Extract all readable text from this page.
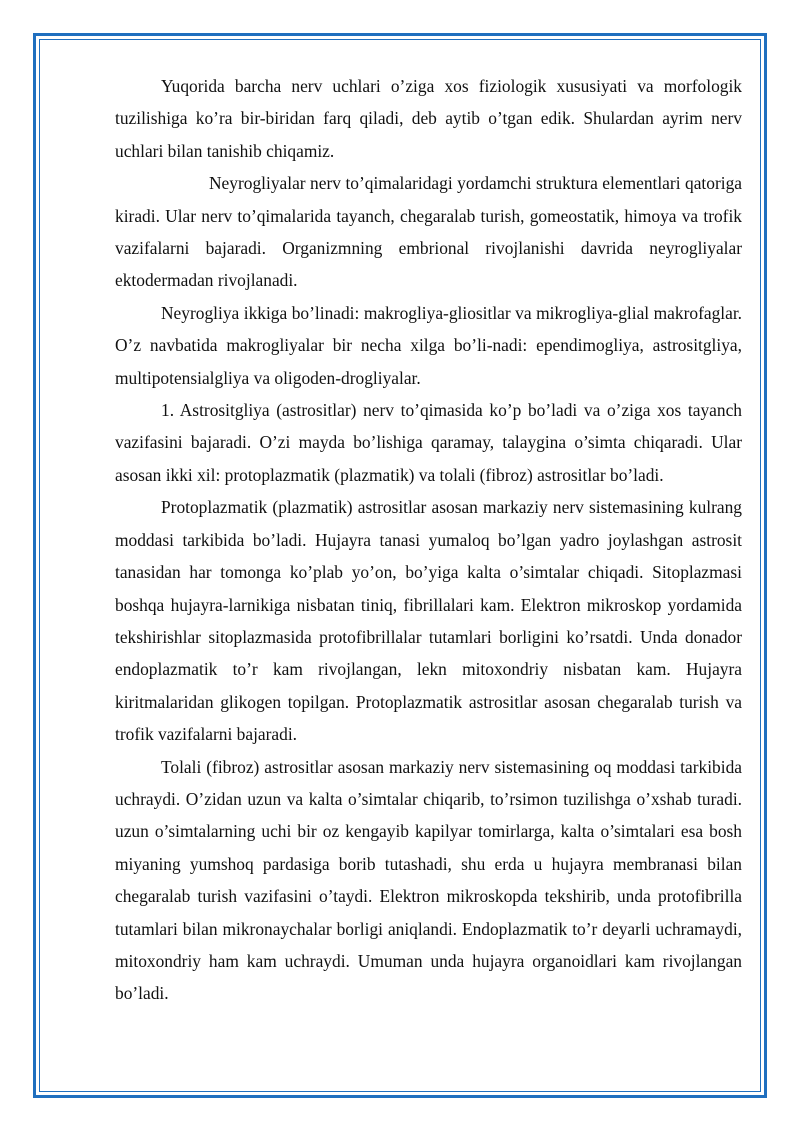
Yuqorida barcha nerv uchlari o’ziga xos fiziologik xususiyati va morfologik tuzilishiga ko’ra bir-biridan farq qiladi, deb aytib o’tgan edik. Shulardan ayrim nerv uchlari bilan tanishib chiqamiz.

Neyrogliyalar nerv to’qimalaridagi yordamchi struktura elementlari qatoriga kiradi. Ular nerv to’qimalarida tayanch, chegaralab turish, gomeostatik, himoya va trofik vazifalarni bajaradi. Organizmning embrional rivojlanishi davrida neyrogliyalar ektodermadan rivojlanadi.

Neyrogliya ikkiga bo’linadi: makrogliya-gliositlar va mikrogliya-glial makrofaglar. O’z navbatida makrogliyalar bir necha xilga bo’li-nadi: ependimogliya, astrositgliya, multipotensialgliya va oligoden-drogliyalar.

1. Astrositgliya (astrositlar) nerv to’qimasida ko’p bo’ladi va o’ziga xos tayanch vazifasini bajaradi. O’zi mayda bo’lishiga qaramay, talaygina o’simta chiqaradi. Ular asosan ikki xil: protoplazmatik (plazmatik) va tolali (fibroz) astrositlar bo’ladi.

Protoplazmatik (plazmatik) astrositlar asosan markaziy nerv sistemasining kulrang moddasi tarkibida bo’ladi. Hujayra tanasi yumaloq bo’lgan yadro joylashgan astrosit tanasidan har tomonga ko’plab yo’on, bo’yiga kalta o’simtalar chiqadi. Sitoplazmasi boshqa hujayra-larnikiga nisbatan tiniq, fibrillalari kam. Elektron mikroskop yordamida tekshirishlar sitoplazmasida protofibrillalar tutamlari borligini ko’rsatdi. Unda donador endoplazmatik to’r kam rivojlangan, lekn mitoxondriy nisbatan kam. Hujayra kiritmalaridan glikogen topilgan. Protoplazmatik astrositlar asosan chegaralab turish va trofik vazifalarni bajaradi.

Tolali (fibroz) astrositlar asosan markaziy nerv sistemasining oq moddasi tarkibida uchraydi. O’zidan uzun va kalta o’simtalar chiqarib, to’rsimon tuzilishga o’xshab turadi. uzun o’simtalarning uchi bir oz kengayib kapilyar tomirlarga, kalta o’simtalari esa bosh miyaning yumshoq pardasiga borib tutashadi, shu erda u hujayra membranasi bilan chegaralab turish vazifasini o’taydi. Elektron mikroskopda tekshirib, unda protofibrilla tutamlari bilan mikronaychalar borligi aniqlandi. Endoplazmatik to’r deyarli uchramaydi, mitoxondriy ham kam uchraydi. Umuman unda hujayra organoidlari kam rivojlangan bo’ladi.
